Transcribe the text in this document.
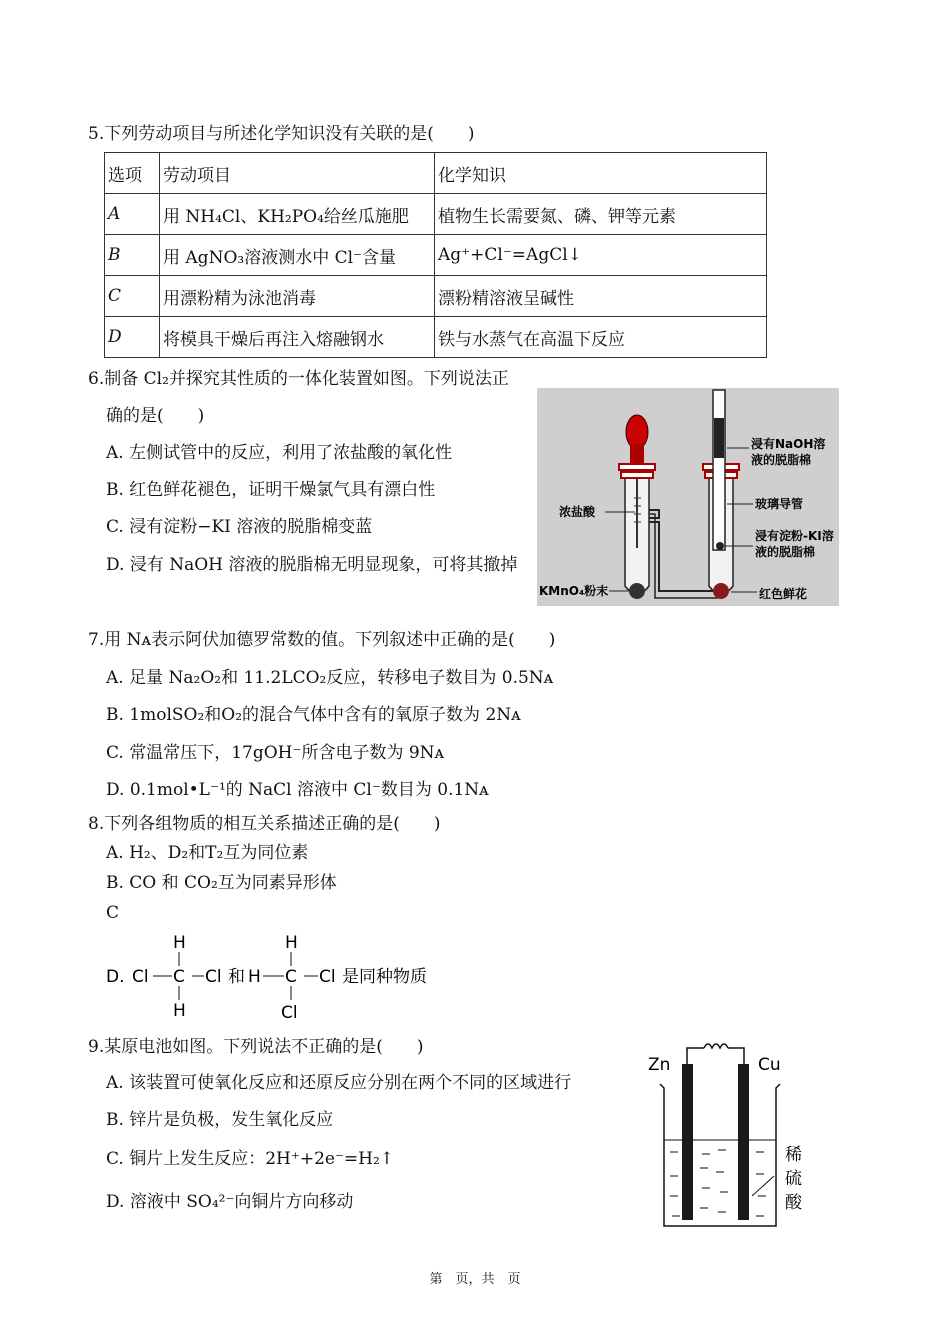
5.下列劳动项目与所述化学知识没有关联的是(　　)
选项	劳动项目	化学知识
A	用 NH₄Cl、KH₂PO₄给丝瓜施肥	植物生长需要氮、磷、钾等元素
B	用 AgNO₃溶液测水中 Cl⁻含量	Ag⁺+Cl⁻=AgCl↓
C	用漂粉精为泳池消毒	漂粉精溶液呈碱性
D	将模具干燥后再注入熔融钢水	铁与水蒸气在高温下反应
6.制备 Cl₂并探究其性质的一体化装置如图。下列说法正
确的是(　　)
A. 左侧试管中的反应，利用了浓盐酸的氧化性
B. 红色鲜花褪色，证明干燥氯气具有漂白性
C. 浸有淀粉−KI 溶液的脱脂棉变蓝
D. 浸有 NaOH 溶液的脱脂棉无明显现象，可将其撤掉
浸有NaOH溶
液的脱脂棉
浓盐酸
玻璃导管
浸有淀粉-KI溶
液的脱脂棉
KMnO₄粉末	红色鲜花
7.用 Nᴀ表示阿伏加德罗常数的值。下列叙述中正确的是(　　)
A. 足量 Na₂O₂和 11.2LCO₂反应，转移电子数目为 0.5Nᴀ
B. 1molSO₂和O₂的混合气体中含有的氧原子数为 2Nᴀ
C. 常温常压下，17gOH⁻所含电子数为 9Nᴀ
D. 0.1mol•L⁻¹的 NaCl 溶液中 Cl⁻数目为 0.1Nᴀ
8.下列各组物质的相互关系描述正确的是(　　)
A. H₂、D₂和T₂互为同位素
B. CO 和 CO₂互为同素异形体
C
D. Cl C Cl
H
H
和 H C Cl
H
Cl
是同种物质
9.某原电池如图。下列说法不正确的是(　　)
A. 该装置可使氧化反应和还原反应分别在两个不同的区域进行
B. 锌片是负极，发生氧化反应
C. 铜片上发生反应：2H⁺+2e⁻=H₂↑
D. 溶液中 SO₄²⁻向铜片方向移动
Zn	Cu
稀
硫
酸
第　页，共　页
